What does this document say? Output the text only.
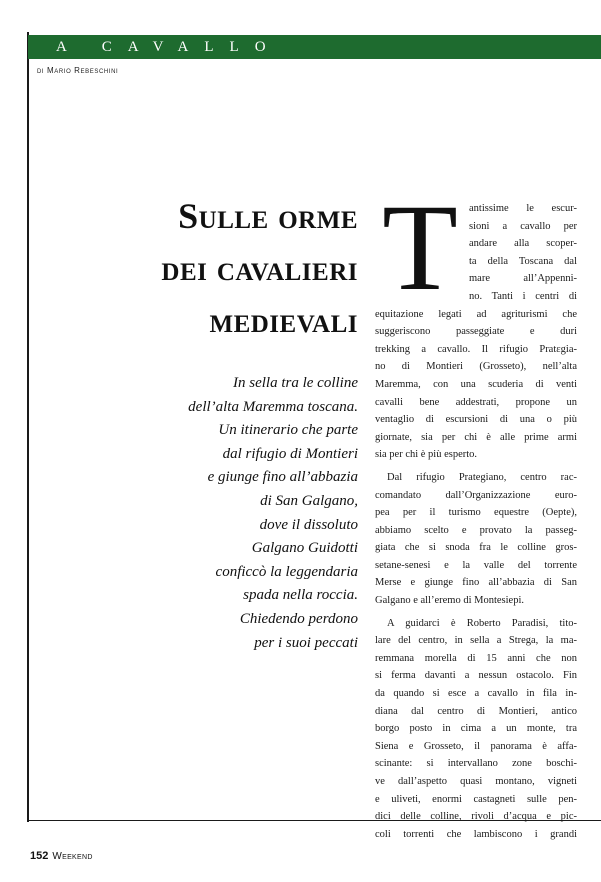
A CAVALLO
di Mario Rebeschini
Sulle orme
dei cavalieri
medievali
In sella tra le colline
dell’alta Maremma toscana.
Un itinerario che parte
dal rifugio di Montieri
e giunge fino all’abbazia
di San Galgano,
dove il dissoluto
Galgano Guidotti
conficcò la leggendaria
spada nella roccia.
Chiedendo perdono
per i suoi peccati
T	antissime le escur-
sioni a cavallo per
andare alla scoper-
ta della Toscana dal
mare all’Appenni-
no. Tanti i centri di
equitazione legati ad agriturismi che
suggeriscono passeggiate e duri
trekking a cavallo. Il rifugio Pratεgia-
no di Montieri (Grosseto), nell’alta
Maremma, con una scuderia di venti
cavalli bene addestrati, propone un
ventaglio di escursioni di una o più
giornate, sia per chi è alle prime armi
sia per chi è più esperto.
Dal rifugio Prategiano, centro rac-
comandato dall’Organizzazione euro-
pea per il turismo equestre (Oepte),
abbiamo scelto e provato la passeg-
giata che si snoda fra le colline gros-
setane-senesi e la valle del torrente
Merse e giunge fino all’abbazia di San
Galgano e all’eremo di Montesiepi.
A guidarci è Roberto Paradisi, tito-
lare del centro, in sella a Strega, la ma-
remmana morella di 15 anni che non
si ferma davanti a nessun ostacolo. Fin
da quando si esce a cavallo in fila in-
diana dal centro di Montieri, antico
borgo posto in cima a un monte, tra
Siena e Grosseto, il panorama è affa-
scinante: si intervallano zone boschi-
ve dall’aspetto quasi montano, vigneti
e uliveti, enormi castagneti sulle pen-
dici delle colline, rivoli d’acqua e pic-
coli torrenti che lambiscono i grandi
152 Weekend
